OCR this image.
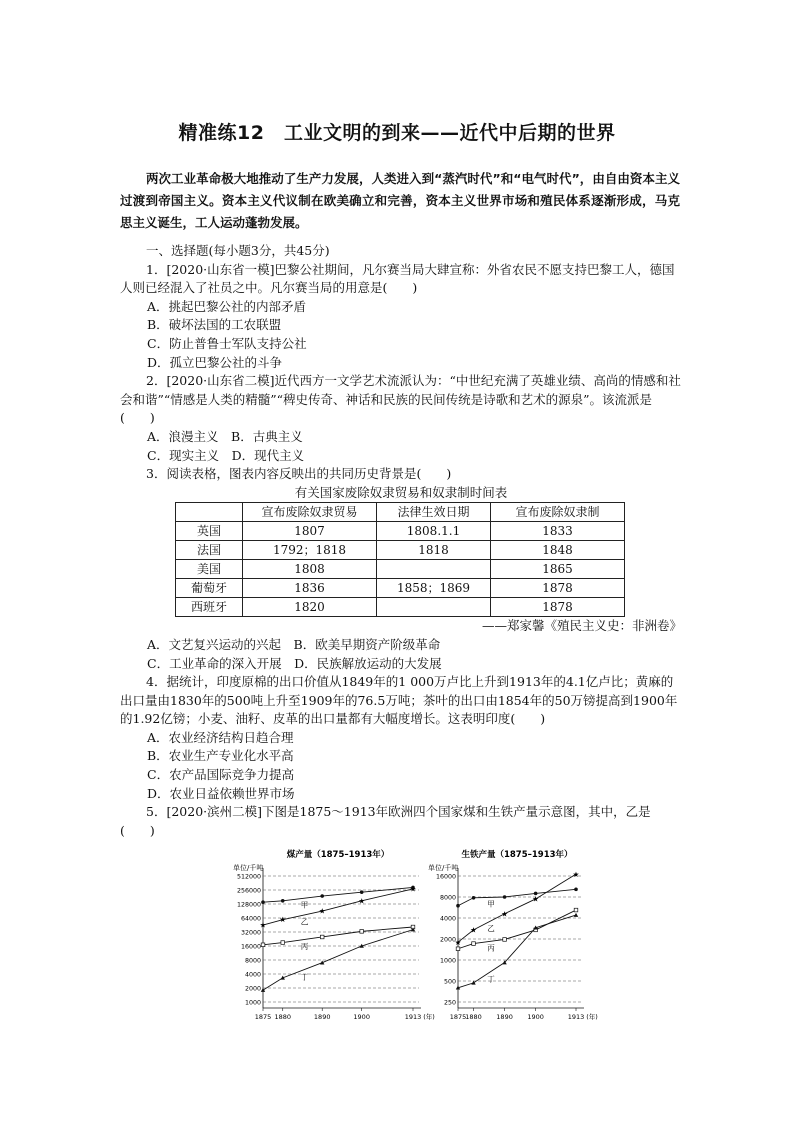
精准练12　工业文明的到来——近代中后期的世界

两次工业革命极大地推动了生产力发展，人类进入到“蒸汽时代”和“电气时代”，由自由资本主义过渡到帝国主义。资本主义代议制在欧美确立和完善，资本主义世界市场和殖民体系逐渐形成，马克思主义诞生，工人运动蓬勃发展。

一、选择题(每小题3分，共45分)

1．[2020·山东省一模]巴黎公社期间，凡尔赛当局大肆宣称：外省农民不愿支持巴黎工人，德国人则已经混入了社员之中。凡尔赛当局的用意是(　　)

A．挑起巴黎公社的内部矛盾

B．破坏法国的工农联盟

C．防止普鲁士军队支持公社

D．孤立巴黎公社的斗争

2．[2020·山东省二模]近代西方一文学艺术流派认为：“中世纪充满了英雄业绩、高尚的情感和社会和谐”“情感是人类的精髓”“稗史传奇、神话和民族的民间传统是诗歌和艺术的源泉”。该流派是(　　)

A．浪漫主义　B．古典主义

C．现实主义　D．现代主义

3．阅读表格，图表内容反映出的共同历史背景是(　　)

有关国家废除奴隶贸易和奴隶制时间表

	宣布废除奴隶贸易	法律生效日期	宣布废除奴隶制
英国	1807	1808.1.1	1833
法国	1792；1818	1818	1848
美国	1808		1865
葡萄牙	1836	1858；1869	1878
西班牙	1820		1878

——郑家馨《殖民主义史：非洲卷》

A．文艺复兴运动的兴起　B．欧美早期资产阶级革命

C．工业革命的深入开展　D．民族解放运动的大发展

4．据统计，印度原棉的出口价值从1849年的1 000万卢比上升到1913年的4.1亿卢比；黄麻的出口量由1830年的500吨上升至1909年的76.5万吨；茶叶的出口由1854年的50万镑提高到1900年的1.92亿镑；小麦、油籽、皮革的出口量都有大幅度增长。这表明印度(　　)

A．农业经济结构日趋合理

B．农业生产专业化水平高

C．农产品国际竞争力提高

D．农业日益依赖世界市场

5．[2020·滨州二模]下图是1875～1913年欧洲四个国家煤和生铁产量示意图，其中，乙是(　　)

煤产量（1875–1913年）
单位/千吨
1000
2000
4000
8000
16000
32000
64000
128000
256000
512000
1875 1880	1890	1900	1913 (年)
甲
★
★
★
★
★
乙
丙
丁
生铁产量（1875–1913年）
单位/千吨
250
500
1000
2000
4000
8000
16000
1875
1880 1890 1900	1913 (年)
甲
★
★
★
★
★
乙
丙
丁
